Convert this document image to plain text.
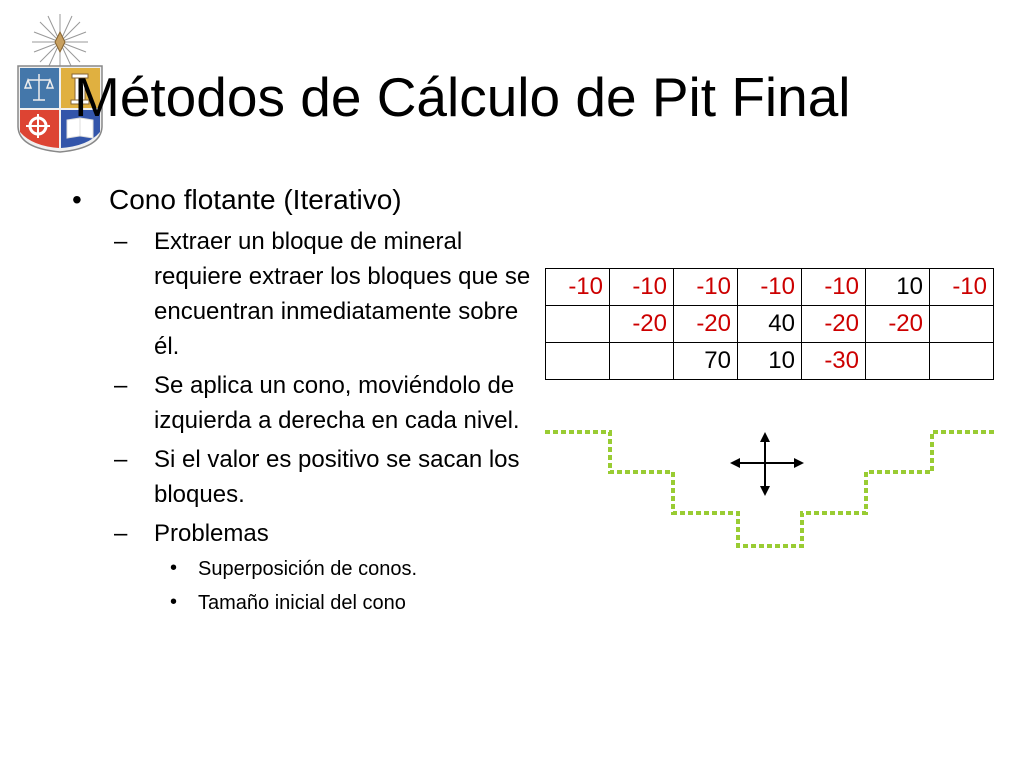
Métodos de Cálculo de Pit Final
• Cono flotante (Iterativo)
– Extraer un bloque de mineral requiere extraer los bloques que se encuentran inmediatamente sobre él.
– Se aplica un cono, moviéndolo de izquierda a derecha en cada nivel.
– Si el valor es positivo se sacan los bloques.
– Problemas
• Superposición de conos.
• Tamaño inicial del cono
-10	-10	-10	-10	-10	10	-10
	-20	-20	40	-20	-20	
		70	10	-30		
